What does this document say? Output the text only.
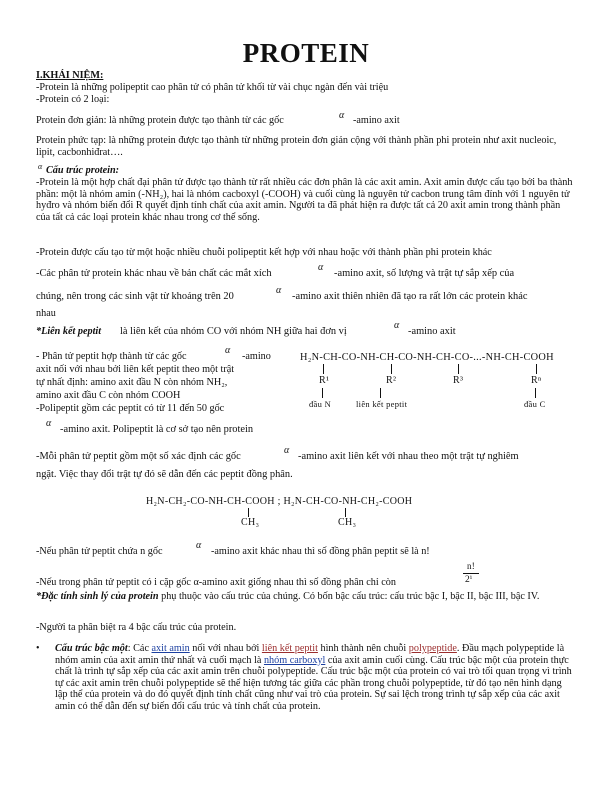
PROTEIN
I.KHÁI NIỆM:
-Protein là những polipeptit cao phân tử có phân tử khối từ vài chục ngàn đến vài triệu
-Protein có 2 loại:
Protein đơn giản: là những protein được tạo thành từ các gốc	α -amino axit
Protein phức tạp: là những protein được tạo thành từ những protein đơn giản cộng với thành phần phi protein như axit nucleoic, lipit, cacbonhiđrat….
α Cấu trúc protein:
-Protein là một hợp chất đại phân tử được tạo thành từ rất nhiều các đơn phân là các axit amin. Axit amin được cấu tạo bởi ba thành phần: một là nhóm amin (-NH₂), hai là nhóm cacboxyl (-COOH) và cuối cùng là nguyên tử cacbon trung tâm đính với 1 nguyên tử hyđro và nhóm biến đổi R quyết định tính chất của axit amin. Người ta đã phát hiện ra được tất cả 20 axit amin trong thành phần của tất cả các loại protein khác nhau trong cơ thể sống.
-Protein được cấu tạo từ một hoặc nhiều chuỗi polipeptit kết hợp với nhau hoặc với thành phần phi protein khác
-Các phân tử protein khác nhau về bản chất các mắt xích
α
-amino axit, số lượng và trật tự sắp xếp của
chúng, nên trong các sinh vật từ khoảng trên 20
α
-amino axit thiên nhiên đã tạo ra rất lớn các protein khác
nhau
*Liên kết peptit là liên kết của nhóm CO với nhóm NH giữa hai đơn vị
α
-amino axit
- Phân tử peptit hợp thành từ các gốc
α
-amino
axit nối với nhau bởi liên kết peptit theo một trật
tự nhất định: amino axit đầu N còn nhóm NH₂,
amino axit đầu C còn nhóm COOH
-Polipeptit gồm các peptit có từ 11 đến 50 gốc
α
-amino axit. Polipeptit là cơ sở tạo nên protein
H₂N-CH-CO-NH-CH-CO-NH-CH-CO-...-NH-CH-COOH
R¹	R²	R³	Rⁿ
đầu N	liên kết peptit	đầu C
-Mỗi phân tử peptit gồm một số xác định các gốc
α
-amino axit liên kết với nhau theo một trật tự nghiêm
ngặt. Việc thay đổi trật tự đó sẽ dẫn đến các peptit đồng phân.
H₂N-CH₂-CO-NH-CH-COOH ; H₂N-CH-CO-NH-CH₂-COOH
CH₃	CH₃
-Nếu phân tử peptit chứa n gốc
α
-amino axit khác nhau thì số đồng phân peptit sẽ là n!
-Nếu trong phân tử peptit có i cặp gốc α-amino axit giống nhau thì số đồng phân chỉ còn
n!
2ⁱ
*Đặc tính sinh lý của protein phụ thuộc vào cấu trúc của chúng. Có bốn bậc cấu trúc: cấu trúc bậc I, bậc II, bậc III, bậc IV.
-Người ta phân biệt ra 4 bậc cấu trúc của protein.
• Cấu trúc bậc một: Các axit amin nối với nhau bởi liên kết peptit hình thành nên chuỗi polypeptide. Đầu mạch polypeptide là nhóm amin của axit amin thứ nhất và cuối mạch là nhóm carboxyl của axit amin cuối cùng. Cấu trúc bậc một của protein thực chất là trình tự sắp xếp của các axit amin trên chuỗi polypeptide. Cấu trúc bậc một của protein có vai trò tối quan trọng vì trình tự các axit amin trên chuỗi polypeptide sẽ thể hiện tương tác giữa các phần trong chuỗi polypeptide, từ đó tạo nên hình dạng lập thể của protein và do đó quyết định tính chất cũng như vai trò của protein. Sự sai lệch trong trình tự sắp xếp của các axit amin có thể dẫn đến sự biến đổi cấu trúc và tính chất của protein.
